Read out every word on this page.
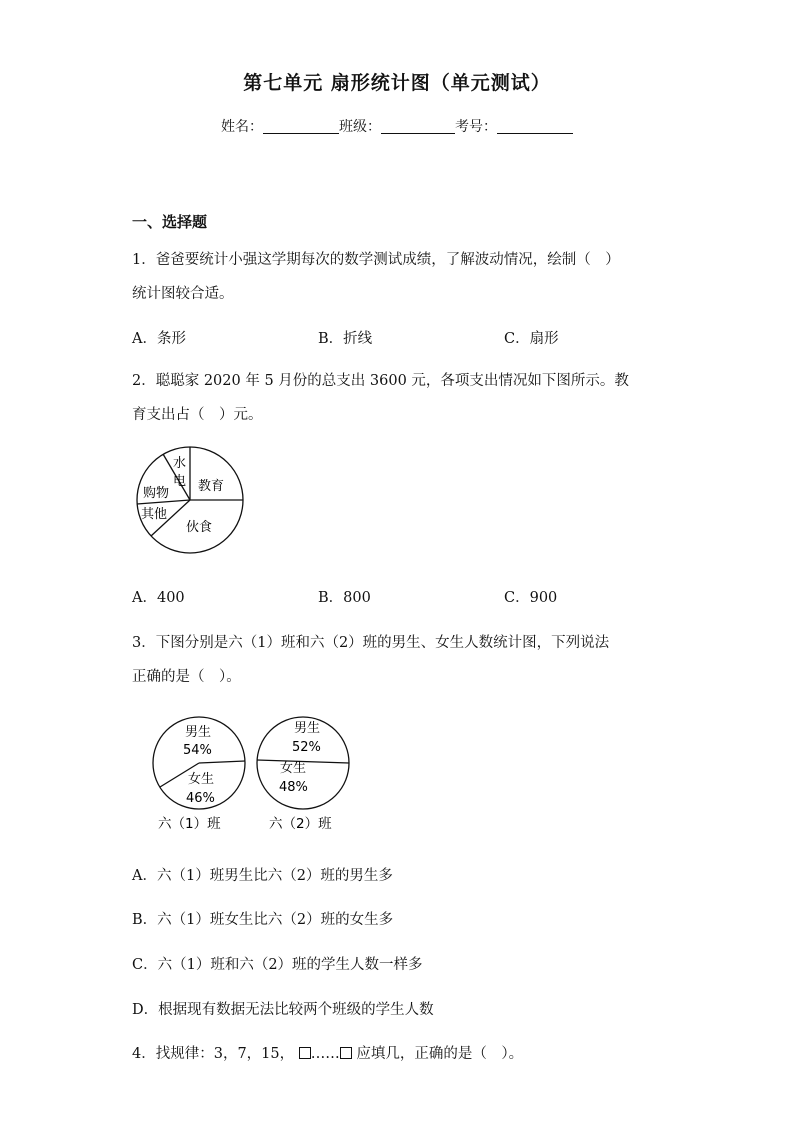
第七单元 扇形统计图（单元测试）
姓名：	班级：	考号：
一、选择题
1．爸爸要统计小强这学期每次的数学测试成绩，了解波动情况，绘制（　）
统计图较合适。
A．条形	B．折线	C．扇形
2．聪聪家 2020 年 5 月份的总支出 3600 元，各项支出情况如下图所示。教
育支出占（　）元。
水
电 教育
购物
其他
伙食
A．400	B．800	C．900
3．下图分别是六（1）班和六（2）班的男生、女生人数统计图，下列说法
正确的是（　）。
男生
54%
女生
46%
六（1）班
男生
52%
女生
48%
六（2）班
A．六（1）班男生比六（2）班的男生多
B．六（1）班女生比六（2）班的女生多
C．六（1）班和六（2）班的学生人数一样多
D．根据现有数据无法比较两个班级的学生人数
4．找规律：3，7，15， …… 应填几，正确的是（　）。
